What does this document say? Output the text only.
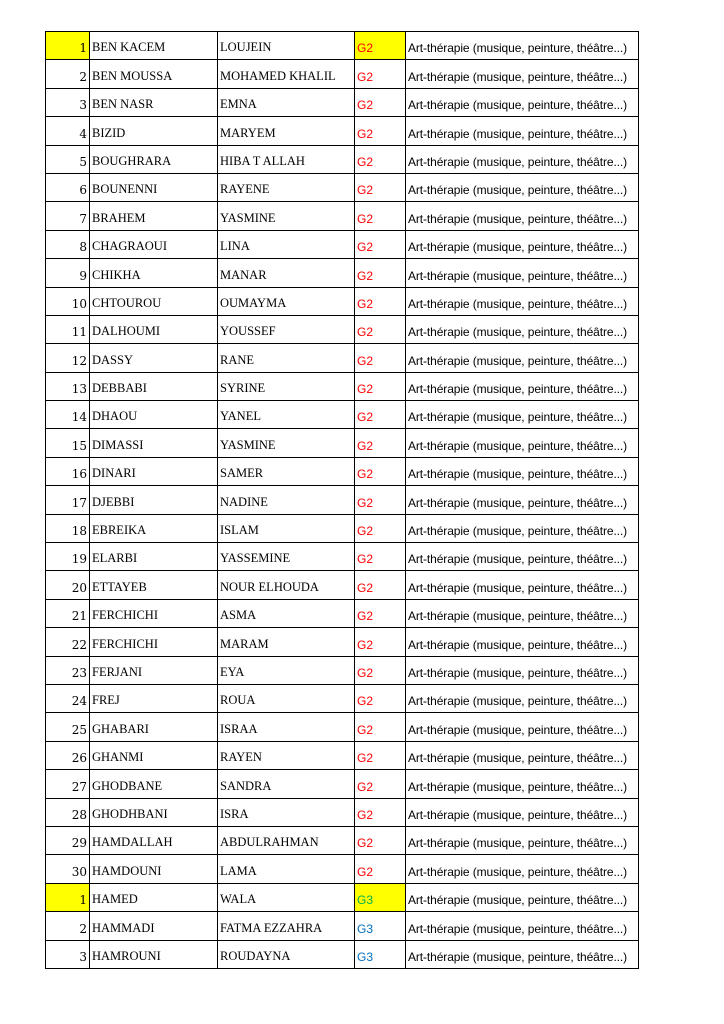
1	BEN KACEM	LOUJEIN	G2	Art-thérapie (musique, peinture, théâtre...)
2	BEN MOUSSA	MOHAMED KHALIL	G2	Art-thérapie (musique, peinture, théâtre...)
3	BEN NASR	EMNA	G2	Art-thérapie (musique, peinture, théâtre...)
4	BIZID	MARYEM	G2	Art-thérapie (musique, peinture, théâtre...)
5	BOUGHRARA	HIBA T ALLAH	G2	Art-thérapie (musique, peinture, théâtre...)
6	BOUNENNI	RAYENE	G2	Art-thérapie (musique, peinture, théâtre...)
7	BRAHEM	YASMINE	G2	Art-thérapie (musique, peinture, théâtre...)
8	CHAGRAOUI	LINA	G2	Art-thérapie (musique, peinture, théâtre...)
9	CHIKHA	MANAR	G2	Art-thérapie (musique, peinture, théâtre...)
10	CHTOUROU	OUMAYMA	G2	Art-thérapie (musique, peinture, théâtre...)
11	DALHOUMI	YOUSSEF	G2	Art-thérapie (musique, peinture, théâtre...)
12	DASSY	RANE	G2	Art-thérapie (musique, peinture, théâtre...)
13	DEBBABI	SYRINE	G2	Art-thérapie (musique, peinture, théâtre...)
14	DHAOU	YANEL	G2	Art-thérapie (musique, peinture, théâtre...)
15	DIMASSI	YASMINE	G2	Art-thérapie (musique, peinture, théâtre...)
16	DINARI	SAMER	G2	Art-thérapie (musique, peinture, théâtre...)
17	DJEBBI	NADINE	G2	Art-thérapie (musique, peinture, théâtre...)
18	EBREIKA	ISLAM	G2	Art-thérapie (musique, peinture, théâtre...)
19	ELARBI	YASSEMINE	G2	Art-thérapie (musique, peinture, théâtre...)
20	ETTAYEB	NOUR ELHOUDA	G2	Art-thérapie (musique, peinture, théâtre...)
21	FERCHICHI	ASMA	G2	Art-thérapie (musique, peinture, théâtre...)
22	FERCHICHI	MARAM	G2	Art-thérapie (musique, peinture, théâtre...)
23	FERJANI	EYA	G2	Art-thérapie (musique, peinture, théâtre...)
24	FREJ	ROUA	G2	Art-thérapie (musique, peinture, théâtre...)
25	GHABARI	ISRAA	G2	Art-thérapie (musique, peinture, théâtre...)
26	GHANMI	RAYEN	G2	Art-thérapie (musique, peinture, théâtre...)
27	GHODBANE	SANDRA	G2	Art-thérapie (musique, peinture, théâtre...)
28	GHODHBANI	ISRA	G2	Art-thérapie (musique, peinture, théâtre...)
29	HAMDALLAH	ABDULRAHMAN	G2	Art-thérapie (musique, peinture, théâtre...)
30	HAMDOUNI	LAMA	G2	Art-thérapie (musique, peinture, théâtre...)
1	HAMED	WALA	G3	Art-thérapie (musique, peinture, théâtre...)
2	HAMMADI	FATMA EZZAHRA	G3	Art-thérapie (musique, peinture, théâtre...)
3	HAMROUNI	ROUDAYNA	G3	Art-thérapie (musique, peinture, théâtre...)
